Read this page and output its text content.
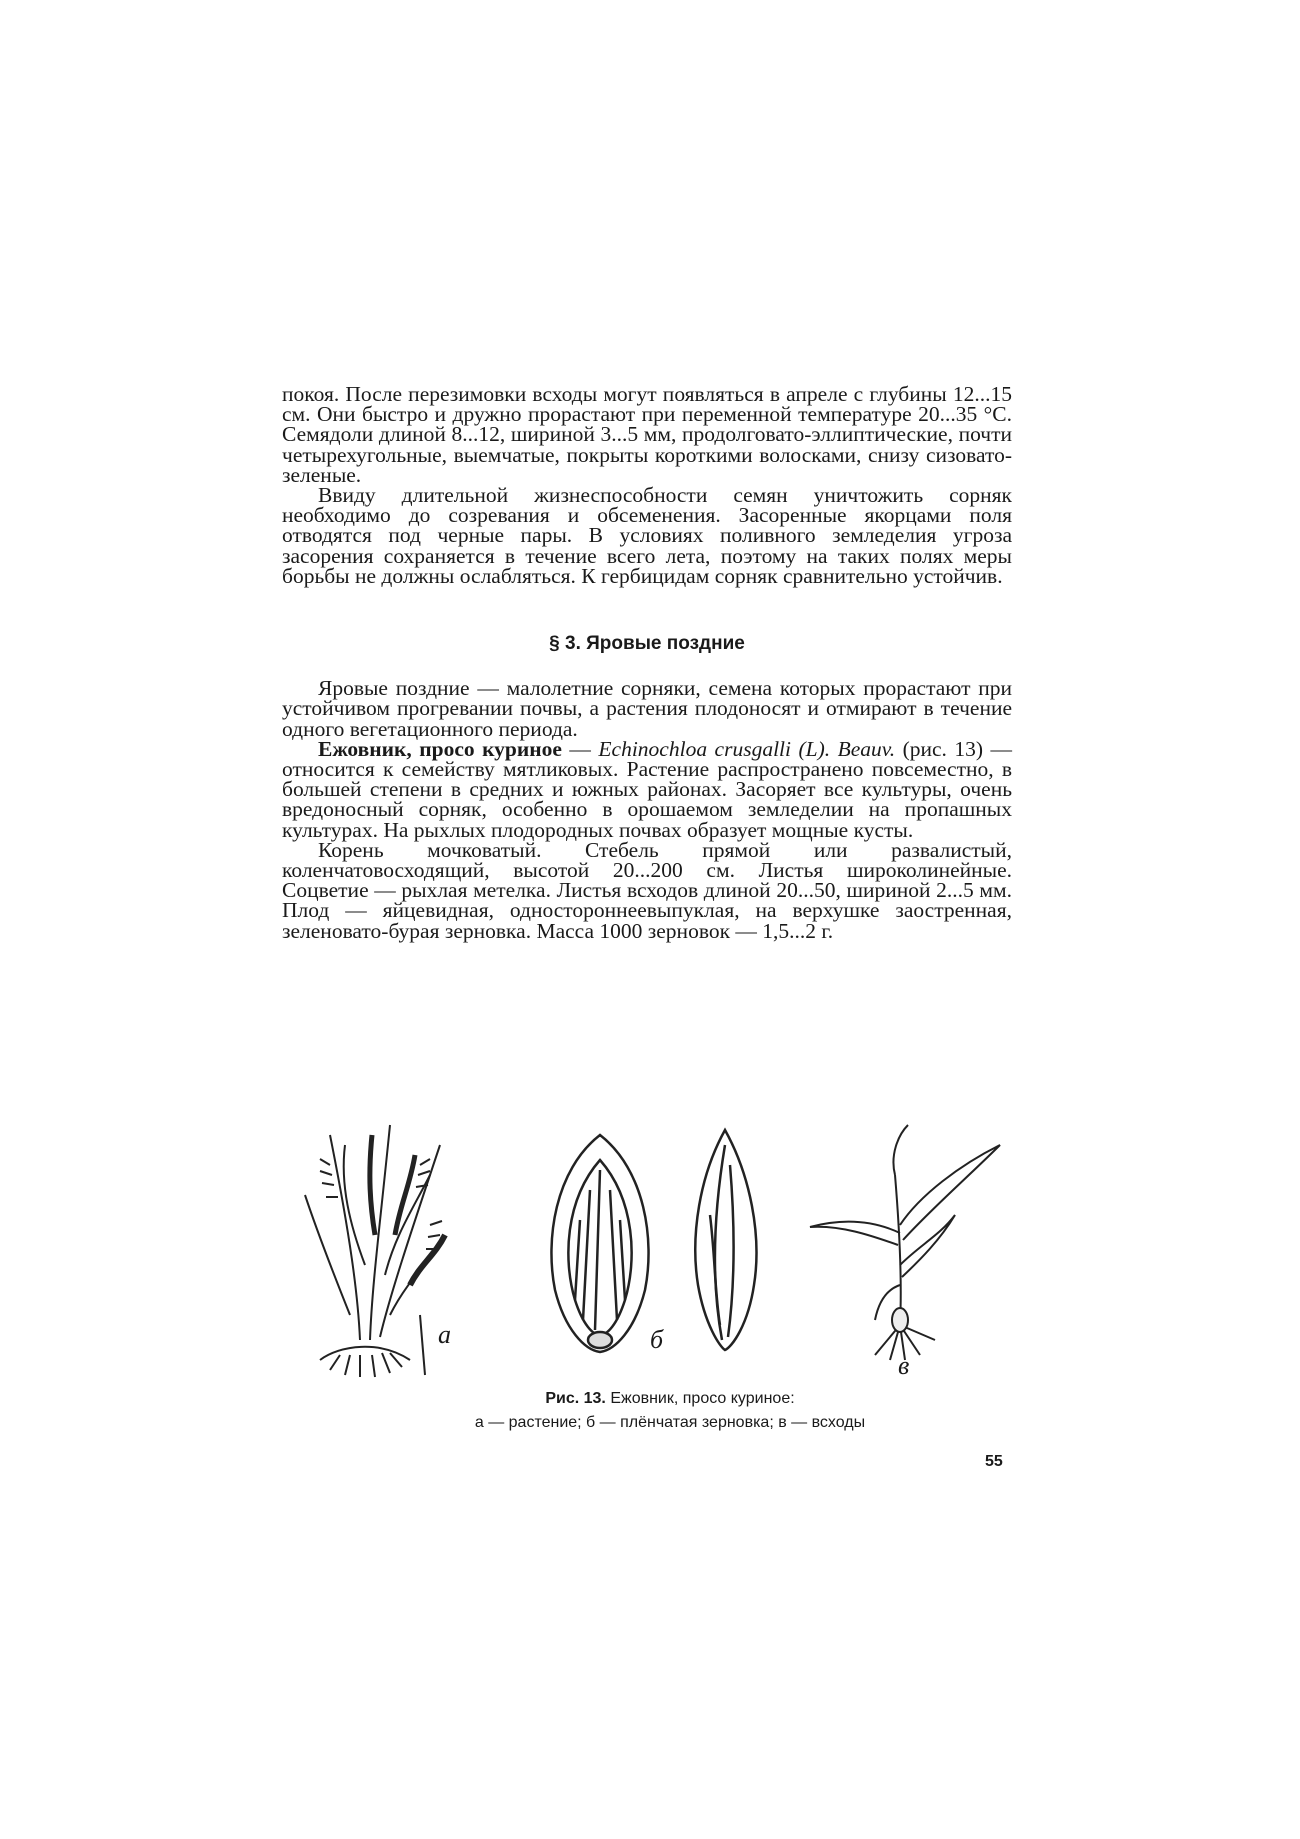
покоя. После перезимовки всходы могут появляться в апреле с глубины 12...15 см. Они быстро и дружно прорастают при переменной температуре 20...35 °С. Семядоли длиной 8...12, шириной 3...5 мм, продолговато-эллиптические, почти четырехугольные, выемчатые, покрыты короткими волосками, снизу сизовато-зеленые.

Ввиду длительной жизнеспособности семян уничтожить сорняк необходимо до созревания и обсеменения. Засоренные якорцами поля отводятся под черные пары. В условиях поливного земледелия угроза засорения сохраняется в течение всего лета, поэтому на таких полях меры борьбы не должны ослабляться. К гербицидам сорняк сравнительно устойчив.

§ 3. Яровые поздние

Яровые поздние — малолетние сорняки, семена которых прорастают при устойчивом прогревании почвы, а растения плодоносят и отмирают в течение одного вегетационного периода.

Ежовник, просо куриное — Echinochloa crusgalli (L). Beauv. (рис. 13) — относится к семейству мятликовых. Растение распространено повсеместно, в большей степени в средних и южных районах. Засоряет все культуры, очень вредоносный сорняк, особенно в орошаемом земледелии на пропашных культурах. На рыхлых плодородных почвах образует мощные кусты.

Корень мочковатый. Стебель прямой или развалистый, коленчатовосходящий, высотой 20...200 см. Листья широколинейные. Соцветие — рыхлая метелка. Листья всходов длиной 20...50, шириной 2...5 мм. Плод — яйцевидная, одностороннеевыпуклая, на верхушке заостренная, зеленовато-бурая зерновка. Масса 1000 зерновок — 1,5...2 г.

а	б
в
Рис. 13. Ежовник, просо куриное:
а — растение; б — плёнчатая зерновка; в — всходы
55
